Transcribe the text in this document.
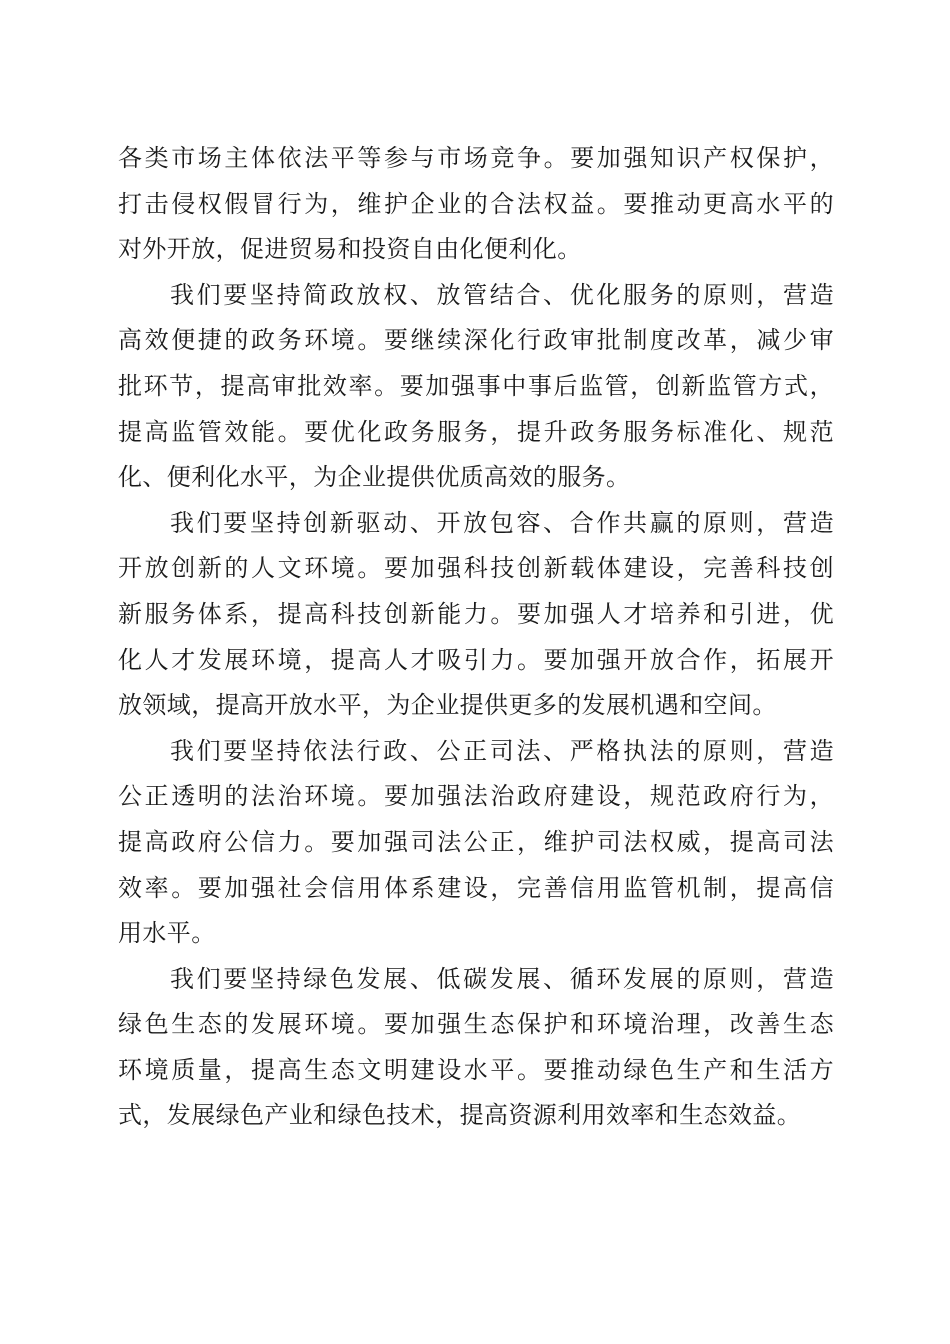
各类市场主体依法平等参与市场竞争。要加强知识产权保护，
打击侵权假冒行为，维护企业的合法权益。要推动更高水平的
对外开放，促进贸易和投资自由化便利化。
我们要坚持简政放权、放管结合、优化服务的原则，营造
高效便捷的政务环境。要继续深化行政审批制度改革，减少审
批环节，提高审批效率。要加强事中事后监管，创新监管方式，
提高监管效能。要优化政务服务，提升政务服务标准化、规范
化、便利化水平，为企业提供优质高效的服务。
我们要坚持创新驱动、开放包容、合作共赢的原则，营造
开放创新的人文环境。要加强科技创新载体建设，完善科技创
新服务体系，提高科技创新能力。要加强人才培养和引进，优
化人才发展环境，提高人才吸引力。要加强开放合作，拓展开
放领域，提高开放水平，为企业提供更多的发展机遇和空间。
我们要坚持依法行政、公正司法、严格执法的原则，营造
公正透明的法治环境。要加强法治政府建设，规范政府行为，
提高政府公信力。要加强司法公正，维护司法权威，提高司法
效率。要加强社会信用体系建设，完善信用监管机制，提高信
用水平。
我们要坚持绿色发展、低碳发展、循环发展的原则，营造
绿色生态的发展环境。要加强生态保护和环境治理，改善生态
环境质量，提高生态文明建设水平。要推动绿色生产和生活方
式，发展绿色产业和绿色技术，提高资源利用效率和生态效益。
